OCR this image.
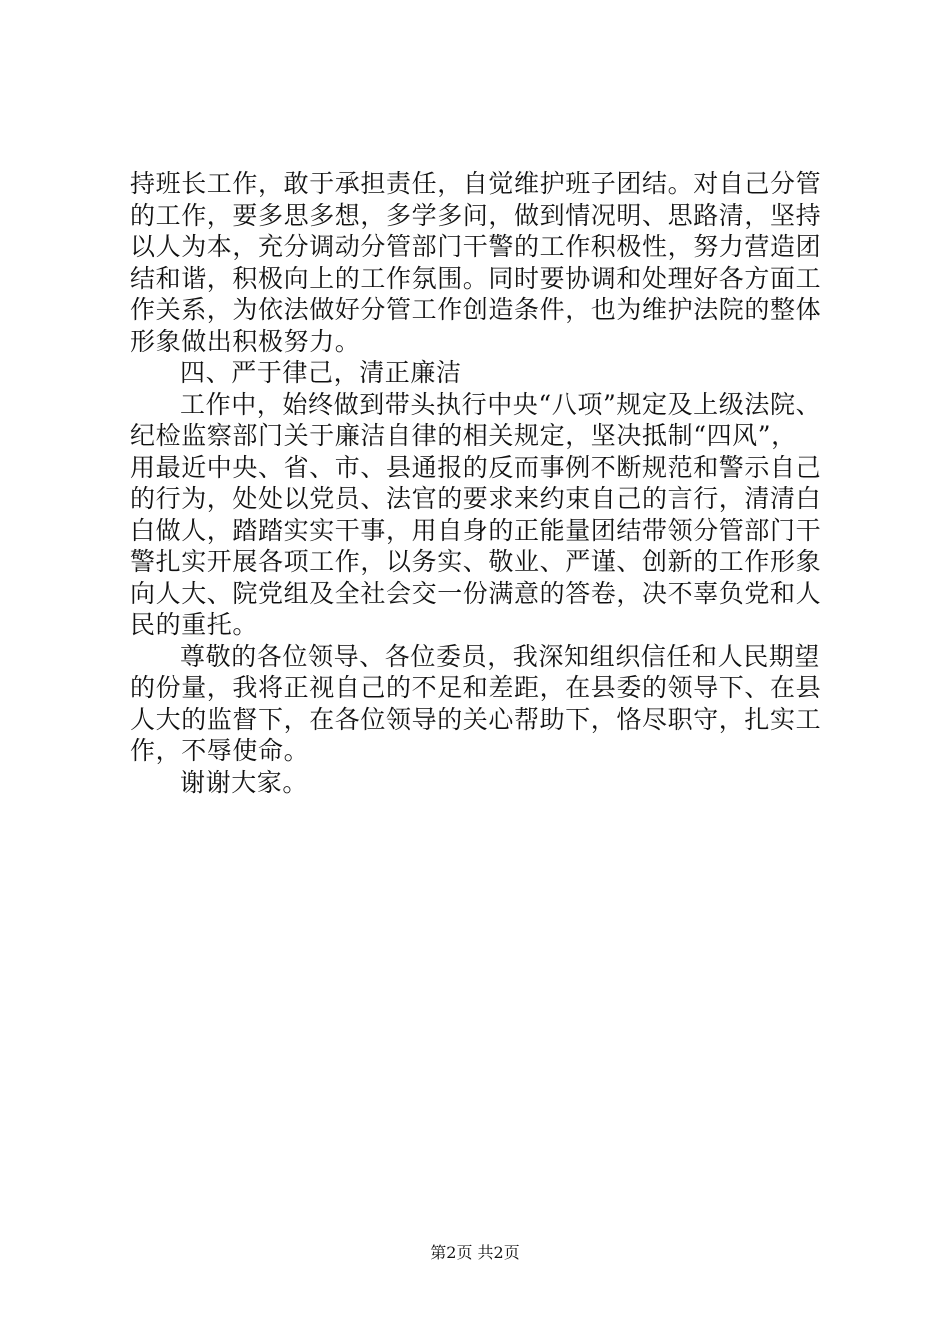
持班长工作，敢于承担责任，自觉维护班子团结。对自己分管
的工作，要多思多想，多学多问，做到情况明、思路清，坚持
以人为本，充分调动分管部门干警的工作积极性，努力营造团
结和谐，积极向上的工作氛围。同时要协调和处理好各方面工
作关系，为依法做好分管工作创造条件，也为维护法院的整体
形象做出积极努力。
四、严于律己，清正廉洁
工作中，始终做到带头执行中央“八项”规定及上级法院、
纪检监察部门关于廉洁自律的相关规定，坚决抵制“四风”，
用最近中央、省、市、县通报的反而事例不断规范和警示自己
的行为，处处以党员、法官的要求来约束自己的言行，清清白
白做人，踏踏实实干事，用自身的正能量团结带领分管部门干
警扎实开展各项工作，以务实、敬业、严谨、创新的工作形象
向人大、院党组及全社会交一份满意的答卷，决不辜负党和人
民的重托。
尊敬的各位领导、各位委员，我深知组织信任和人民期望
的份量，我将正视自己的不足和差距，在县委的领导下、在县
人大的监督下，在各位领导的关心帮助下，恪尽职守，扎实工
作，不辱使命。
谢谢大家。
第2页 共2页
